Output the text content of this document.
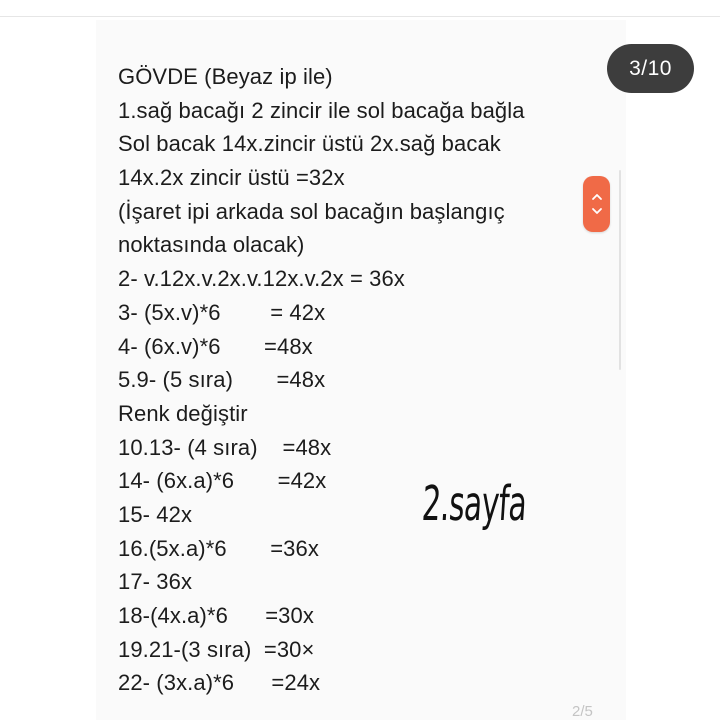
GÖVDE (Beyaz ip ile)
1.sağ bacağı 2 zincir ile sol bacağa bağla
Sol bacak 14x.zincir üstü 2x.sağ bacak
14x.2x zincir üstü =32x
(İşaret ipi arkada sol bacağın başlangıç
noktasında olacak)
2- v.12x.v.2x.v.12x.v.2x = 36x
3- (5x.v)*6        = 42x
4- (6x.v)*6       =48x
5.9- (5 sıra)       =48x
Renk değiştir
10.13- (4 sıra)    =48x
14- (6x.a)*6       =42x
15- 42x
16.(5x.a)*6       =36x
17- 36x
18-(4x.a)*6      =30x
19.21-(3 sıra)  =30×
22- (3x.a)*6      =24x
3/10
2.sayfa
2/5
